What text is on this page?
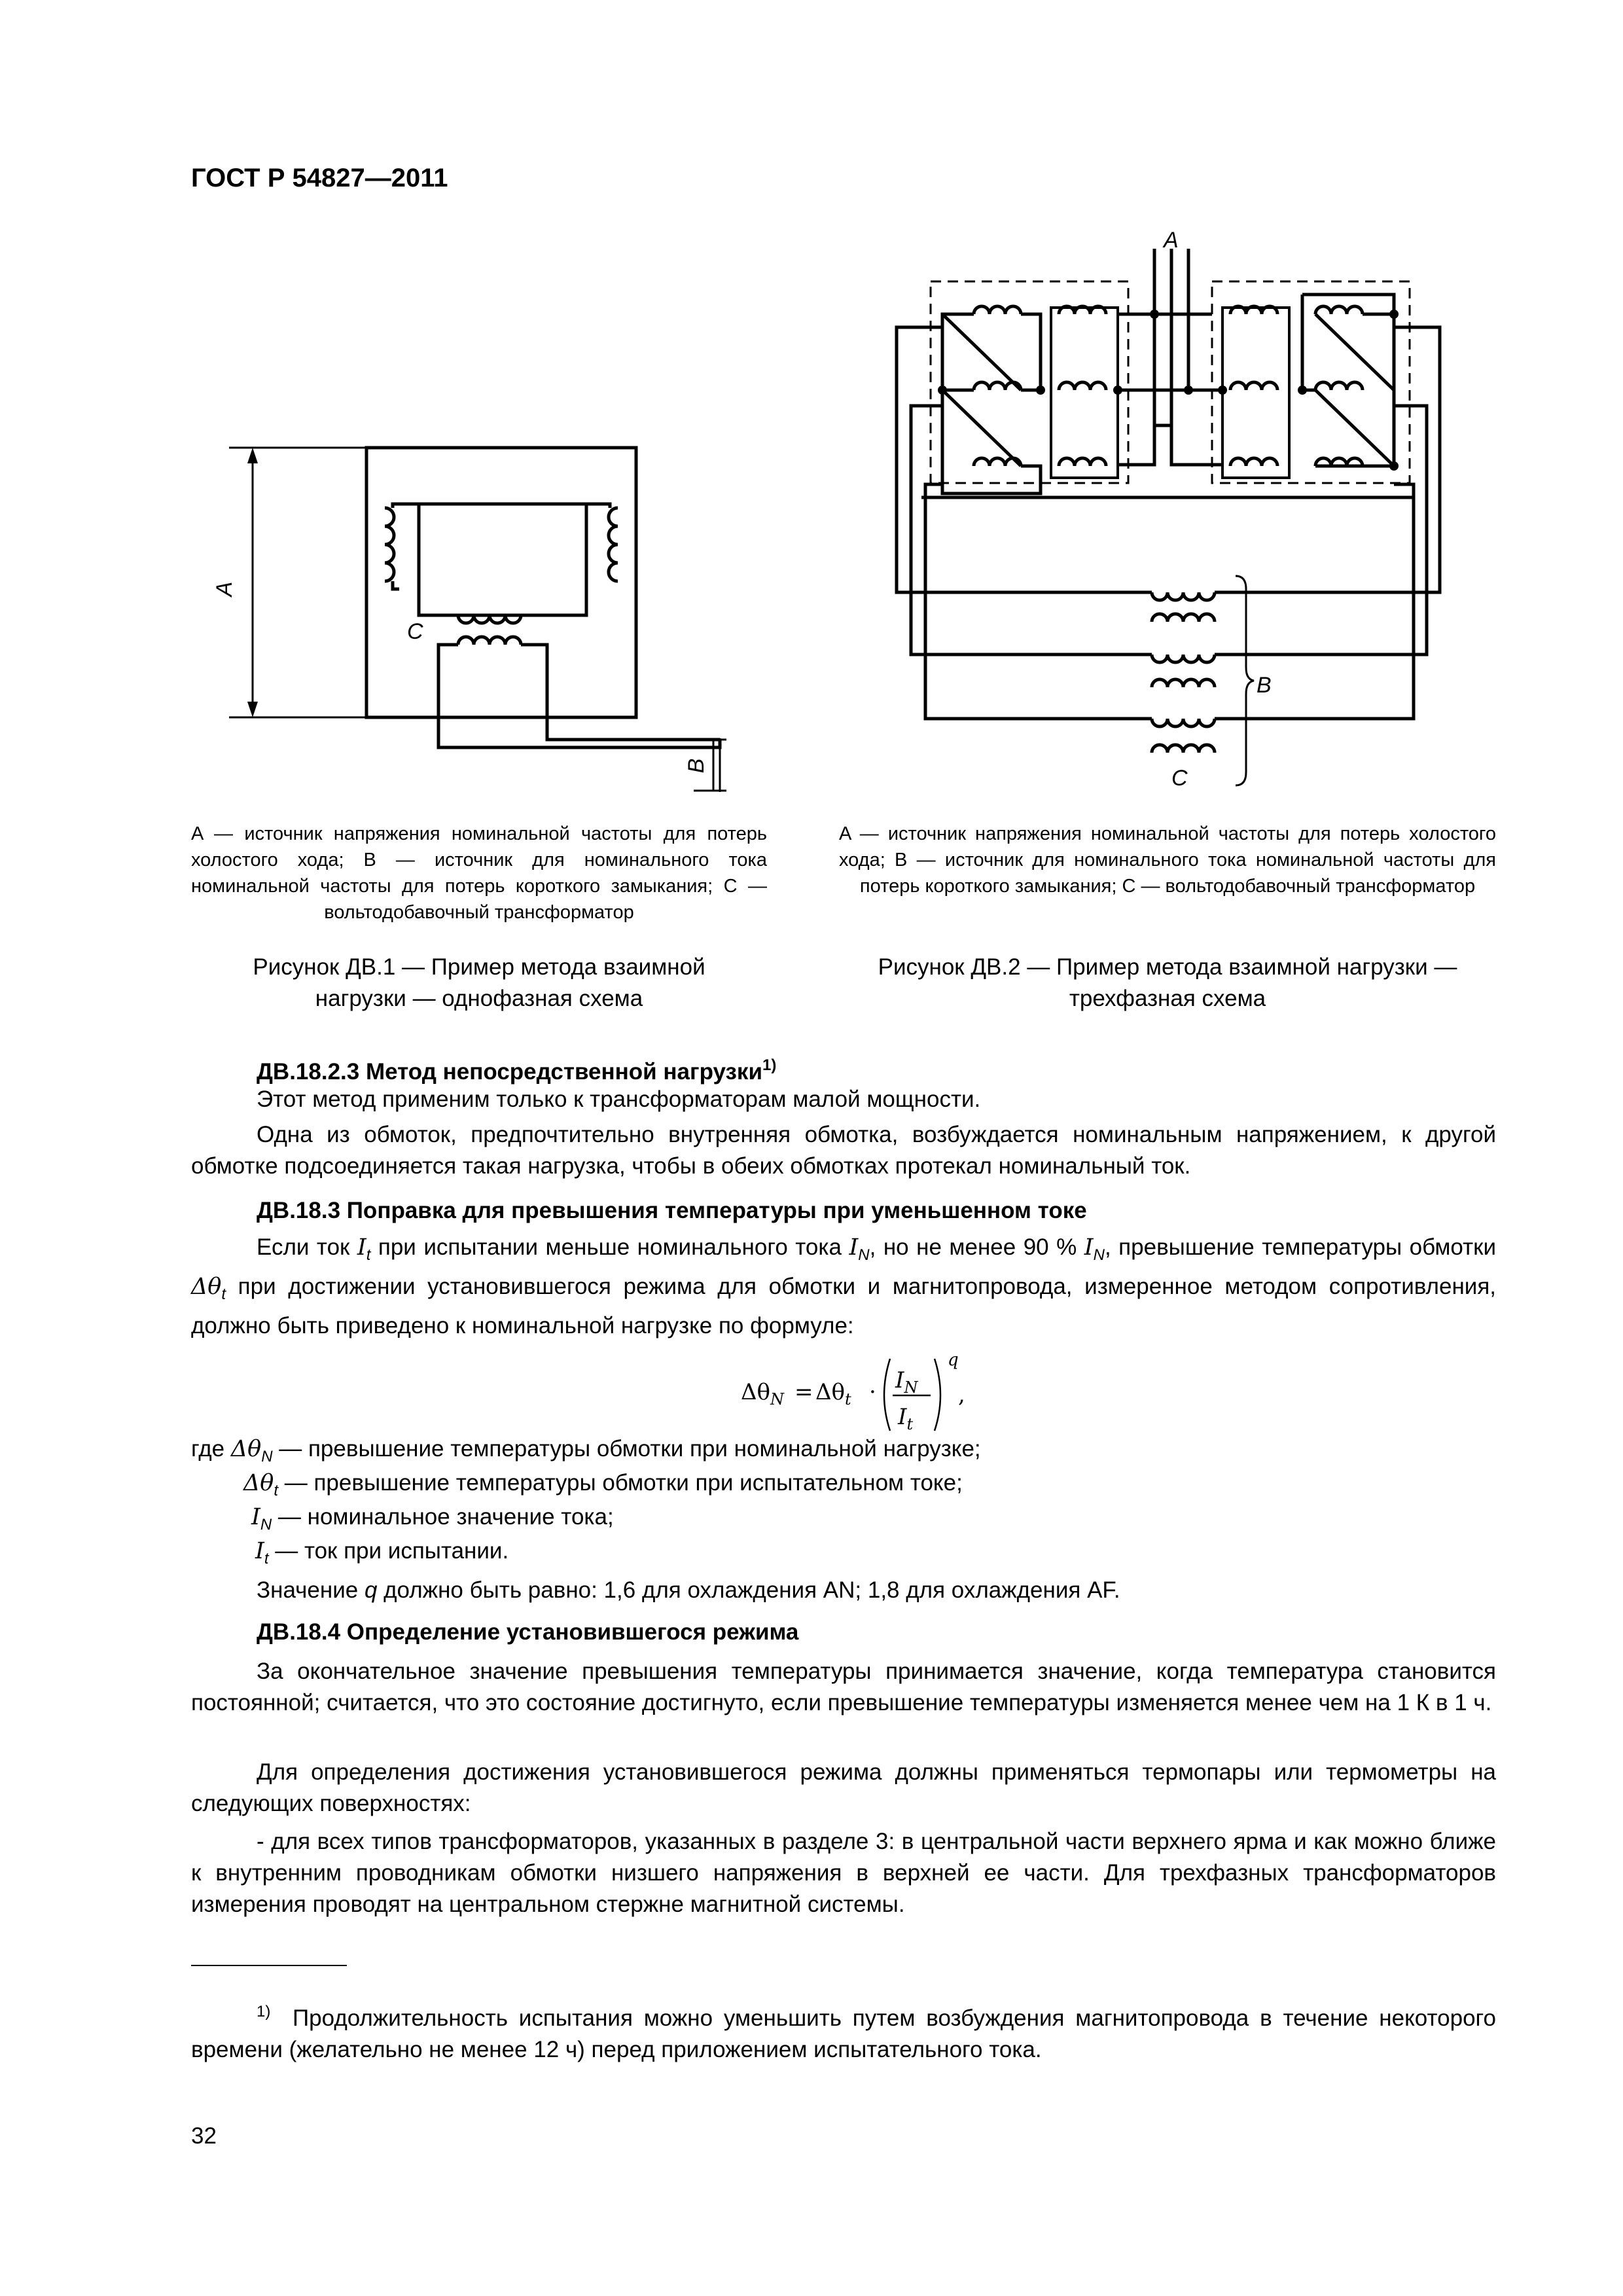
ГОСТ Р 54827—2011
A
C
B
A
B
C
A — источник напряжения номинальной частоты для потерь холостого хода; B — источник для номинального тока номинальной частоты для потерь короткого замыкания; C — вольтодобавочный трансформатор
A — источник напряжения номинальной частоты для потерь холостого хода; B — источник для номинального тока номинальной частоты для потерь короткого замыкания; C — вольтодобавочный трансформатор
Рисунок ДВ.1 — Пример метода взаимной
нагрузки — однофазная схема
Рисунок ДВ.2 — Пример метода взаимной нагрузки —
трехфазная схема
ДВ.18.2.3 Метод непосредственной нагрузки$^{1)}$
Этот метод применим только к трансформаторам малой мощности.
Одна из обмоток, предпочтительно внутренняя обмотка, возбуждается номинальным напряжением, к другой обмотке подсоединяется такая нагрузка, чтобы в обеих обмотках протекал номинальный ток.
ДВ.18.3 Поправка для превышения температуры при уменьшенном токе
Если ток $I_t$ при испытании меньше номинального тока $I_N$, но не менее 90 % $I_N$, превышение температуры обмотки $\Delta\theta_t$ при достижении установившегося режима для обмотки и магнитопровода, измеренное методом сопротивления, должно быть приведено к номинальной нагрузке по формуле:
$\Delta\theta_N = \Delta\theta_t \cdot I_N$
$I_t$
q
,
где $\Delta\theta_N$ — превышение температуры обмотки при номинальной нагрузке;
$\Delta\theta_t$ — превышение температуры обмотки при испытательном токе;
$I_N$ — номинальное значение тока;
$I_t$ — ток при испытании.
Значение q должно быть равно: 1,6 для охлаждения AN; 1,8 для охлаждения AF.
ДВ.18.4 Определение установившегося режима
За окончательное значение превышения температуры принимается значение, когда температура становится постоянной; считается, что это состояние достигнуто, если превышение температуры изменяется менее чем на 1 К в 1 ч.
Для определения достижения установившегося режима должны применяться термопары или термометры на следующих поверхностях:
- для всех типов трансформаторов, указанных в разделе 3: в центральной части верхнего ярма и как можно ближе к внутренним проводникам обмотки низшего напряжения в верхней ее части. Для трехфазных трансформаторов измерения проводят на центральном стержне магнитной системы.
$^{1)}$ Продолжительность испытания можно уменьшить путем возбуждения магнитопровода в течение некоторого времени (желательно не менее 12 ч) перед приложением испытательного тока.
32
